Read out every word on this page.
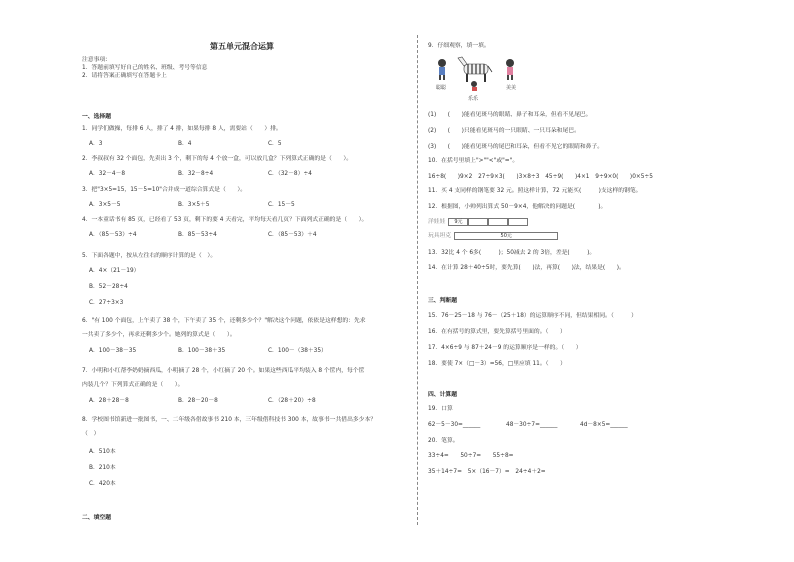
第五单元混合运算
注意事项:
1．答题前填写好自己的姓名、班级、考号等信息
2．请将答案正确填写在答题卡上
一、选择题
1．同学们做操，每排 6 人，排了 4 排，如果每排 8 人，需要站（　　）排。
A．3	B．4	C．5
2．李叔叔有 32 个面包，先卖出 3 个，剩下的每 4 个放一盒，可以放几盒？下列算式正确的是（　　）。
A．32－4－8	B．32－8÷4	C．（32－8）÷4
3．把"3×5=15，15－5=10"合并成一道综合算式是（　　）。
A．3×5－5	B．3×5＋5	C．15－5
4．一本童话书有 85 页，已经看了 53 页，剩下的要 4 天看完，平均每天看几页？下面列式正确的是（　　）。
A．（85－53）÷4	B．85－53÷4	C．（85－53）＋4
5．下面各题中，按从左往右的顺序计算的是（　）。
A．4×（21－19）
B．52－28÷4
C．27÷3×3
6．"有 100 个面包，上午卖了 38 个，下午卖了 35 个，还剩多少个？"解决这个问题，依依是这样想的：先求
一共卖了多少个，再求还剩多少个。她列的算式是（　　）。
A．100－38－35	B．100－38＋35	C．100－（38＋35）
7．小明和小红帮李奶奶摘西瓜，小明摘了 28 个，小红摘了 20 个。如果这些西瓜平均装入 8 个筐内，每个筐
内装几个？下列算式正确的是（　　）。
A．28＋28－8	B．28－20－8	C．（28＋20）÷8
8．学校图书馆新进一批图书，一、二年级各借故事书 210 本，三年级借科技书 300 本，故事书一共借出多少本？
（　）
A．510本
B．210本
C．420本
二、填空题
9．仔细观察，填一填。
聪聪
乐乐
美美
(1)　　(　　)能看见斑马的眼睛、鼻子和耳朵，但看不见尾巴。
(2)　　(　　)只能看见斑马的一只眼睛、一只耳朵和尾巴。
(3)　　(　　)能看见斑马的尾巴和耳朵，但看不见它的眼睛和鼻子。
10．在括号里填上">""<"或"="。
16÷8(　　)9×2　27÷9×3(　　)3×8÷3　45÷9(　　)4×1　9÷9×0(　　)0×5÷5
11．买 4 支同样的钢笔要 32 元。照这样计算，72 元能买(　　　)支这样的钢笔。
12．根据图，小帅列出算式 50－9×4，他解决的问题是(　　　　)。
洋娃娃	9元
玩具坦克	50元
13．32比 4 个 6多(　　　)；50减去 2 的 3倍，差是(　　　)。
14．在计算 28＋40÷5时，要先算(　　)法，再算(　　)法，结果是(　　)。
三、判断题
15．76－25－18 与 76－（25＋18）的运算顺序不同，但结果相同。（　　　）
16．在有括号的算式里，要先算括号里面的。（　　）
17．4×6÷9 与 87＋24－9 的运算顺序是一样的。（　　）
18．要使 7×（□－3）=56，□里应填 11。（　　）
四、计算题
19．口算
62－5－30=______	48－30÷7=______	4d－8×5=______
20．笔算。
33÷4=　　50÷7=　　55÷8=
35＋14÷7=　5×（16－7）=　24÷4＋2=
